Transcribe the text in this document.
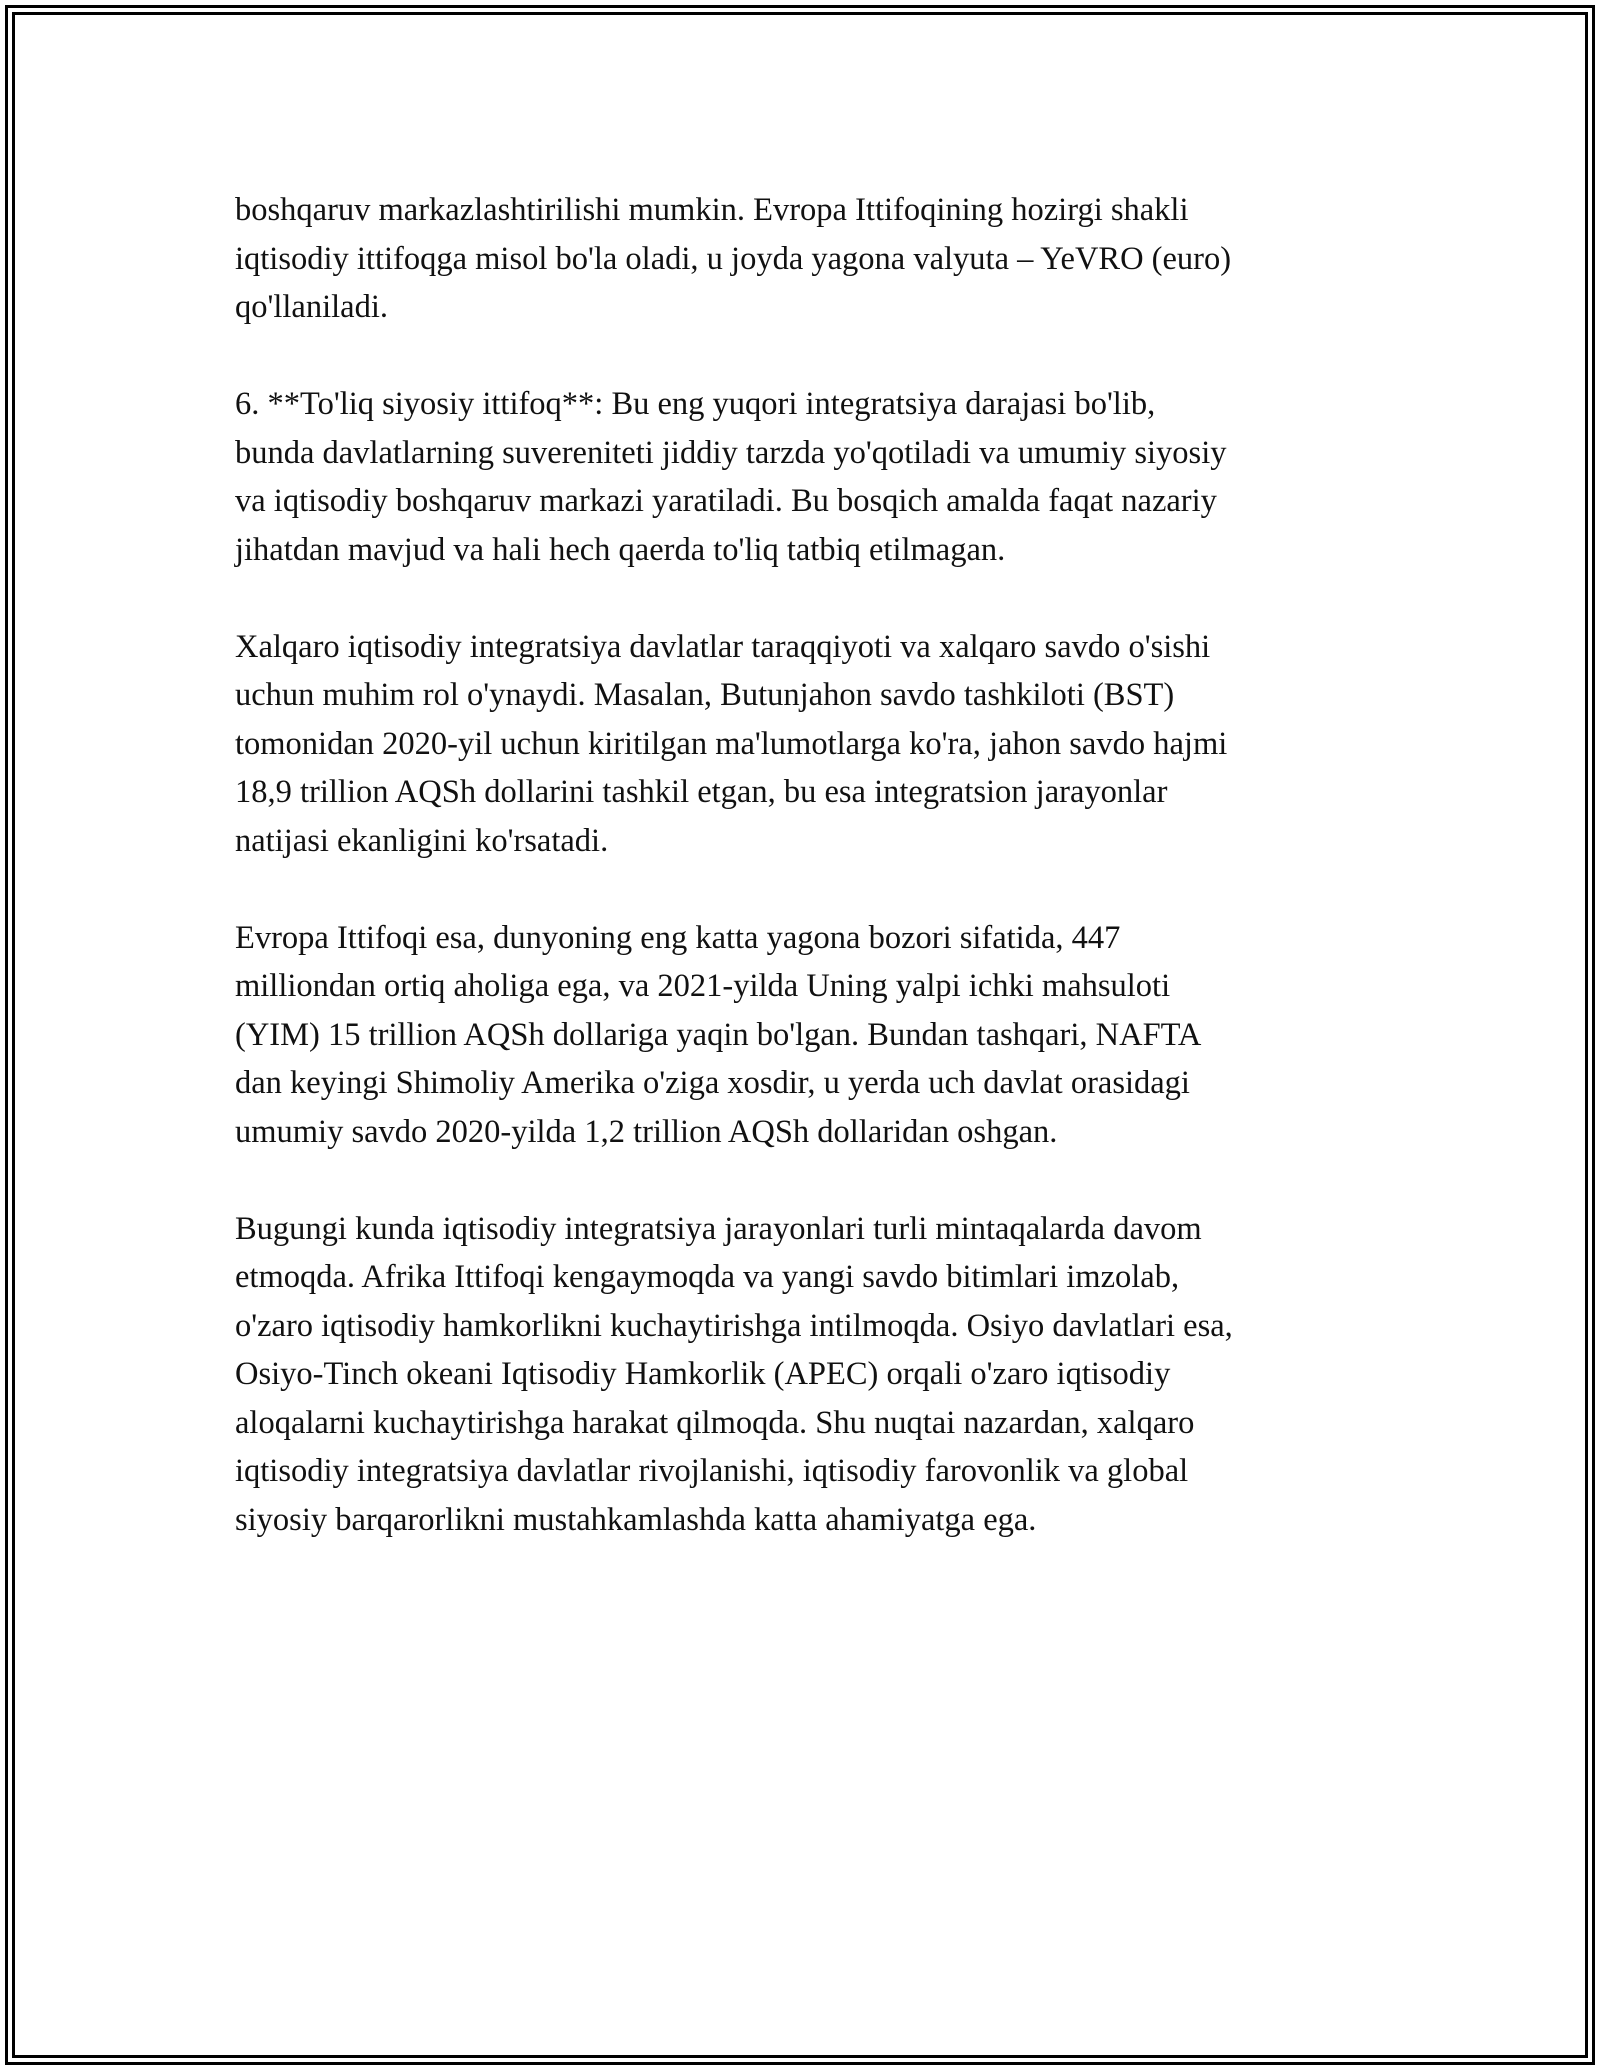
boshqaruv markazlashtirilishi mumkin. Evropa Ittifoqining hozirgi shakli
iqtisodiy ittifoqga misol bo'la oladi, u joyda yagona valyuta – YeVRO (euro)
qo'llaniladi.
6. **To'liq siyosiy ittifoq**: Bu eng yuqori integratsiya darajasi bo'lib,
bunda davlatlarning suvereniteti jiddiy tarzda yo'qotiladi va umumiy siyosiy
va iqtisodiy boshqaruv markazi yaratiladi. Bu bosqich amalda faqat nazariy
jihatdan mavjud va hali hech qaerda to'liq tatbiq etilmagan.
Xalqaro iqtisodiy integratsiya davlatlar taraqqiyoti va xalqaro savdo o'sishi
uchun muhim rol o'ynaydi. Masalan, Butunjahon savdo tashkiloti (BST)
tomonidan 2020-yil uchun kiritilgan ma'lumotlarga ko'ra, jahon savdo hajmi
18,9 trillion AQSh dollarini tashkil etgan, bu esa integratsion jarayonlar
natijasi ekanligini ko'rsatadi.
Evropa Ittifoqi esa, dunyoning eng katta yagona bozori sifatida, 447
milliondan ortiq aholiga ega, va 2021-yilda Uning yalpi ichki mahsuloti
(YIM) 15 trillion AQSh dollariga yaqin bo'lgan. Bundan tashqari, NAFTA
dan keyingi Shimoliy Amerika o'ziga xosdir, u yerda uch davlat orasidagi
umumiy savdo 2020-yilda 1,2 trillion AQSh dollaridan oshgan.
Bugungi kunda iqtisodiy integratsiya jarayonlari turli mintaqalarda davom
etmoqda. Afrika Ittifoqi kengaymoqda va yangi savdo bitimlari imzolab,
o'zaro iqtisodiy hamkorlikni kuchaytirishga intilmoqda. Osiyo davlatlari esa,
Osiyo-Tinch okeani Iqtisodiy Hamkorlik (APEC) orqali o'zaro iqtisodiy
aloqalarni kuchaytirishga harakat qilmoqda. Shu nuqtai nazardan, xalqaro
iqtisodiy integratsiya davlatlar rivojlanishi, iqtisodiy farovonlik va global
siyosiy barqarorlikni mustahkamlashda katta ahamiyatga ega.
